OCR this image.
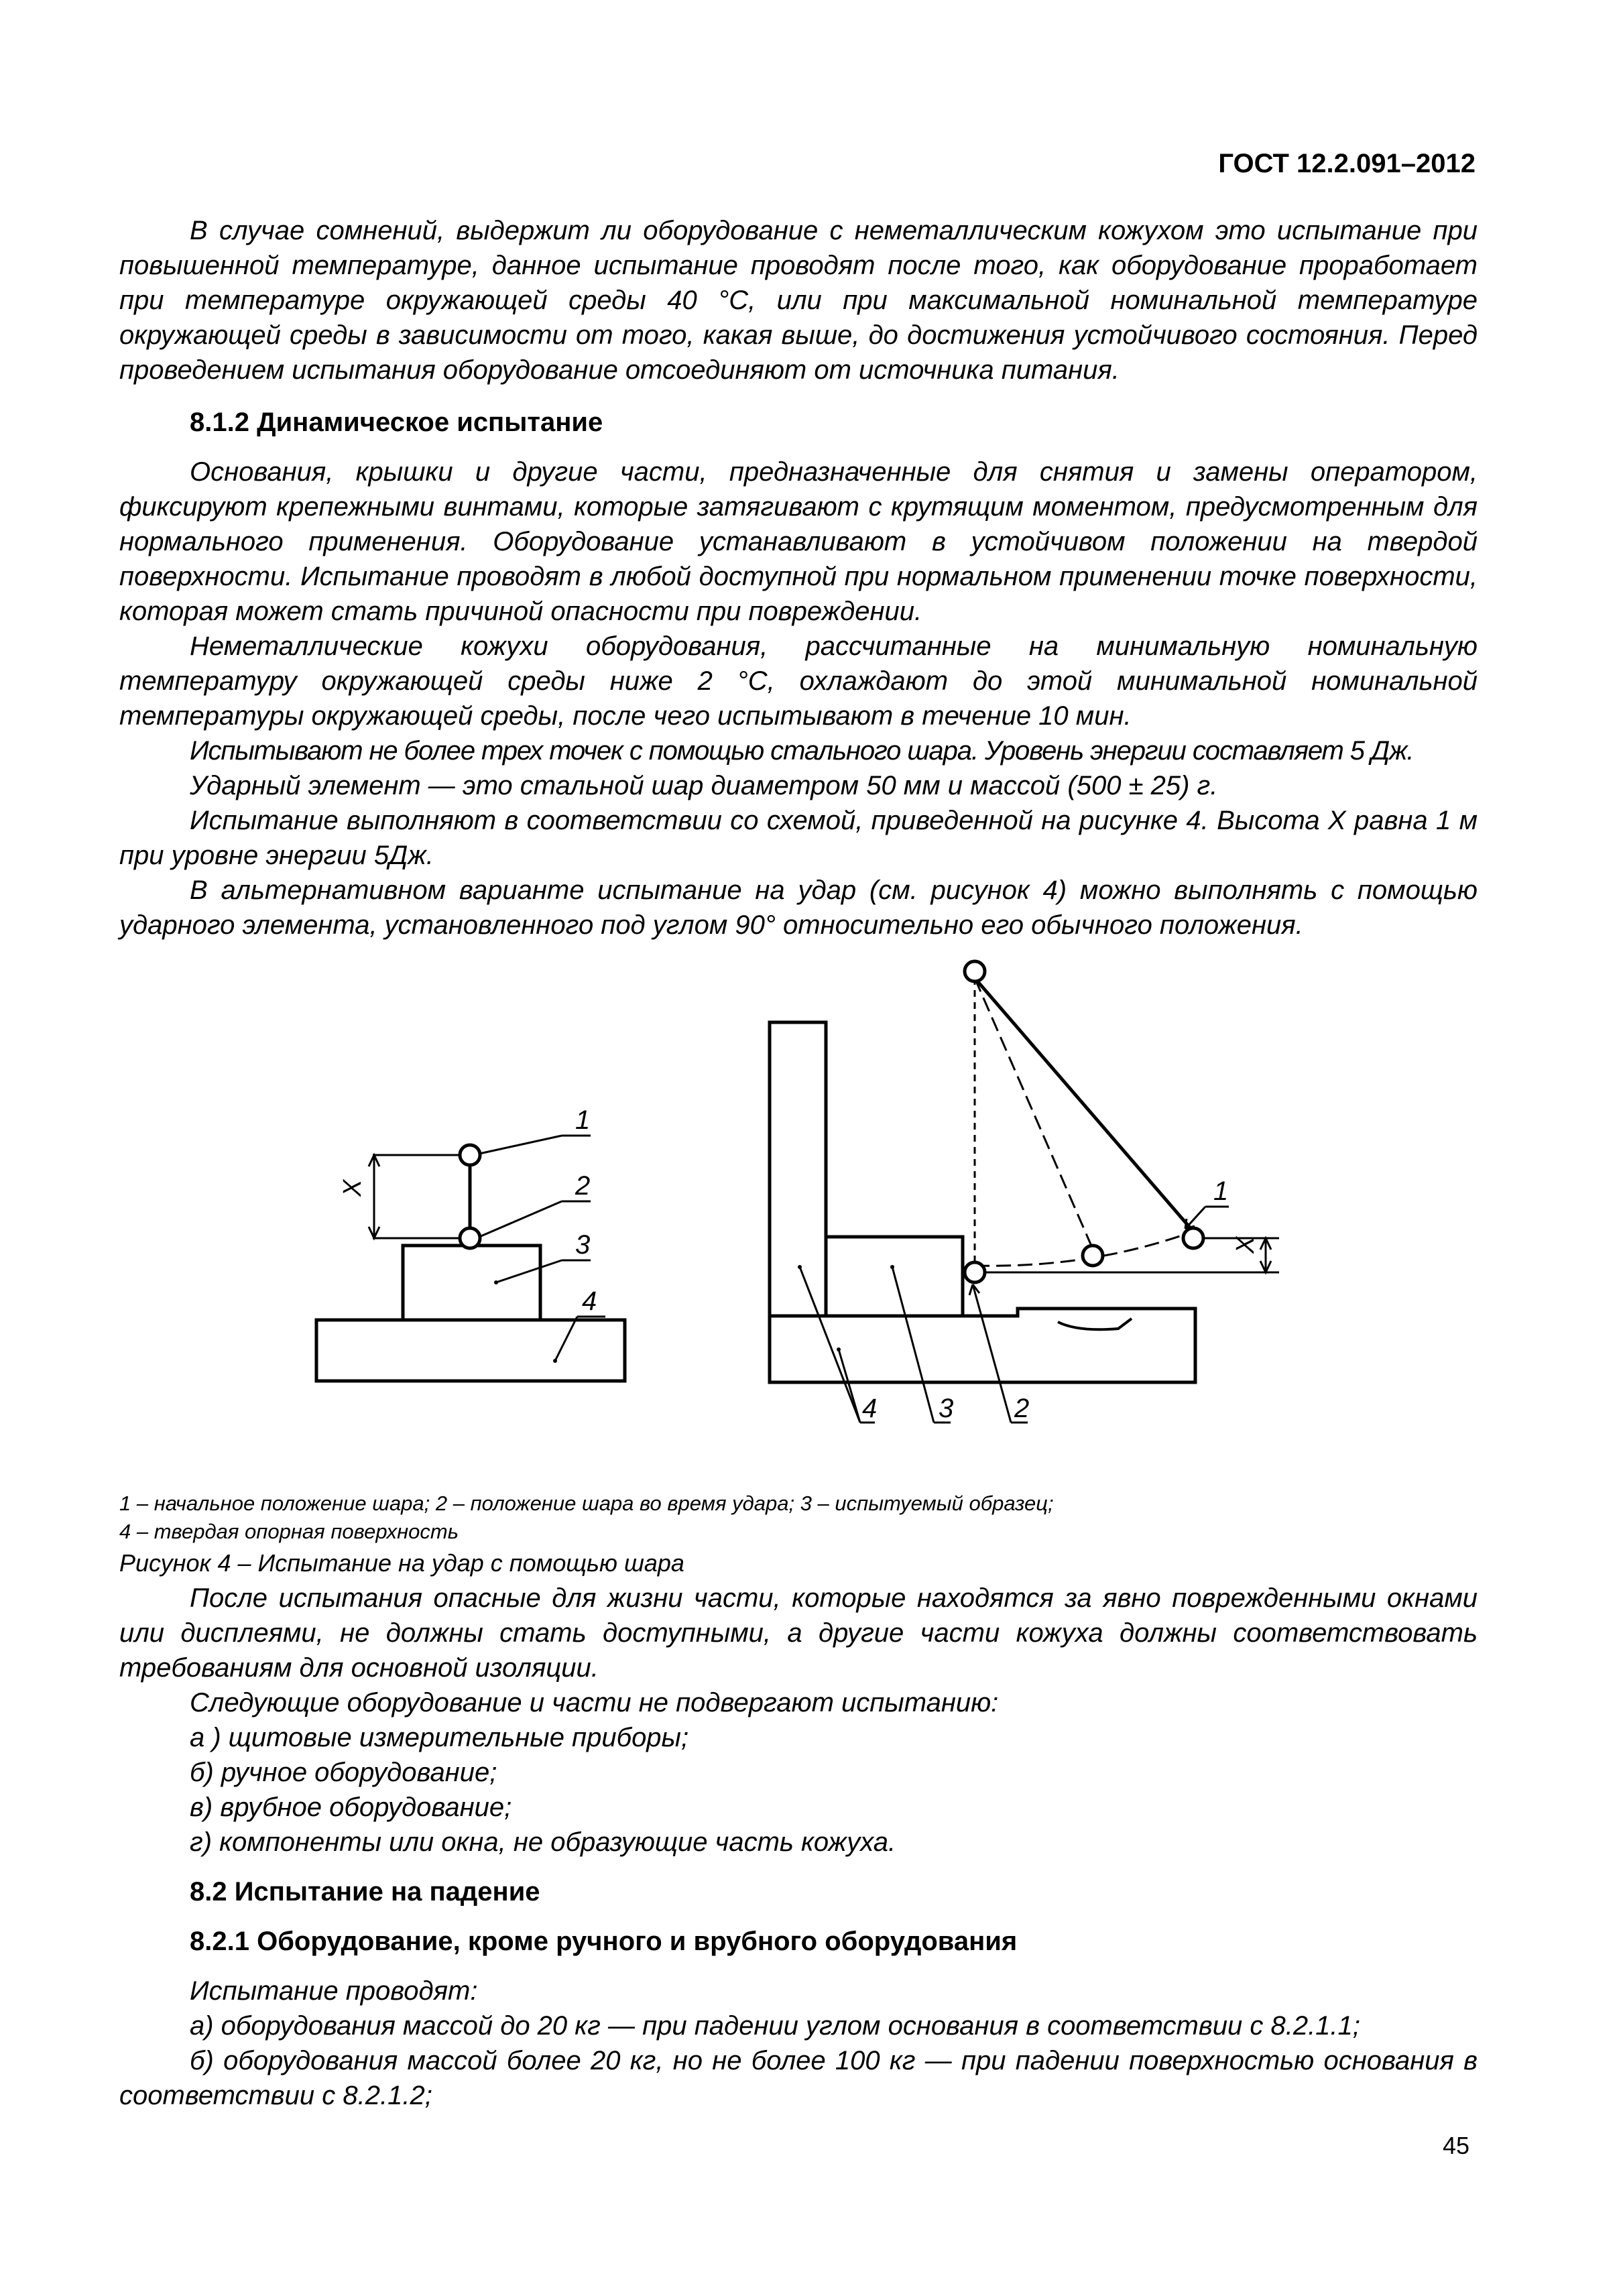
ГОСТ 12.2.091–2012

В случае сомнений, выдержит ли оборудование с неметаллическим кожухом это испытание при повышенной температуре, данное испытание проводят после того, как оборудование проработает при температуре окружающей среды 40 °С, или при максимальной номинальной температуре окружающей среды в зависимости от того, какая выше, до достижения устойчивого состояния. Перед проведением испытания оборудование отсоединяют от источника питания.

8.1.2 Динамическое испытание

Основания, крышки и другие части, предназначенные для снятия и замены оператором, фиксируют крепежными винтами, которые затягивают с крутящим моментом, предусмотренным для нормального применения. Оборудование устанавливают в устойчивом положении на твердой поверхности. Испытание проводят в любой доступной при нормальном применении точке поверхности, которая может стать причиной опасности при повреждении.

Неметаллические кожухи оборудования, рассчитанные на минимальную номинальную температуру окружающей среды ниже 2 °С, охлаждают до этой минимальной номинальной температуры окружающей среды, после чего испытывают в течение 10 мин.

Испытывают не более трех точек с помощью стального шара. Уровень энергии составляет 5 Дж.

Ударный элемент — это стальной шар диаметром 50 мм и массой (500 ± 25) г.

Испытание выполняют в соответствии со схемой, приведенной на рисунке 4. Высота X равна 1 м при уровне энергии 5Дж.

В альтернативном варианте испытание на удар (см. рисунок 4) можно выполнять с помощью ударного элемента, установленного под углом 90° относительно его обычного положения.

X
1
2
3
4
X
1
4 3 2

1 – начальное положение шара; 2 – положение шара во время удара; 3 – испытуемый образец;

4 – твердая опорная поверхность

Рисунок 4 – Испытание на удар с помощью шара

После испытания опасные для жизни части, которые находятся за явно поврежденными окнами или дисплеями, не должны стать доступными, а другие части кожуха должны соответствовать требованиям для основной изоляции.

Следующие оборудование и части не подвергают испытанию:

а ) щитовые измерительные приборы;

б) ручное оборудование;

в) врубное оборудование;

г) компоненты или окна, не образующие часть кожуха.

8.2 Испытание на падение

8.2.1 Оборудование, кроме ручного и врубного оборудования

Испытание проводят:

а) оборудования массой до 20 кг — при падении углом основания в соответствии с 8.2.1.1;

б) оборудования массой более 20 кг, но не более 100 кг — при падении поверхностью основания в соответствии с 8.2.1.2;

45
